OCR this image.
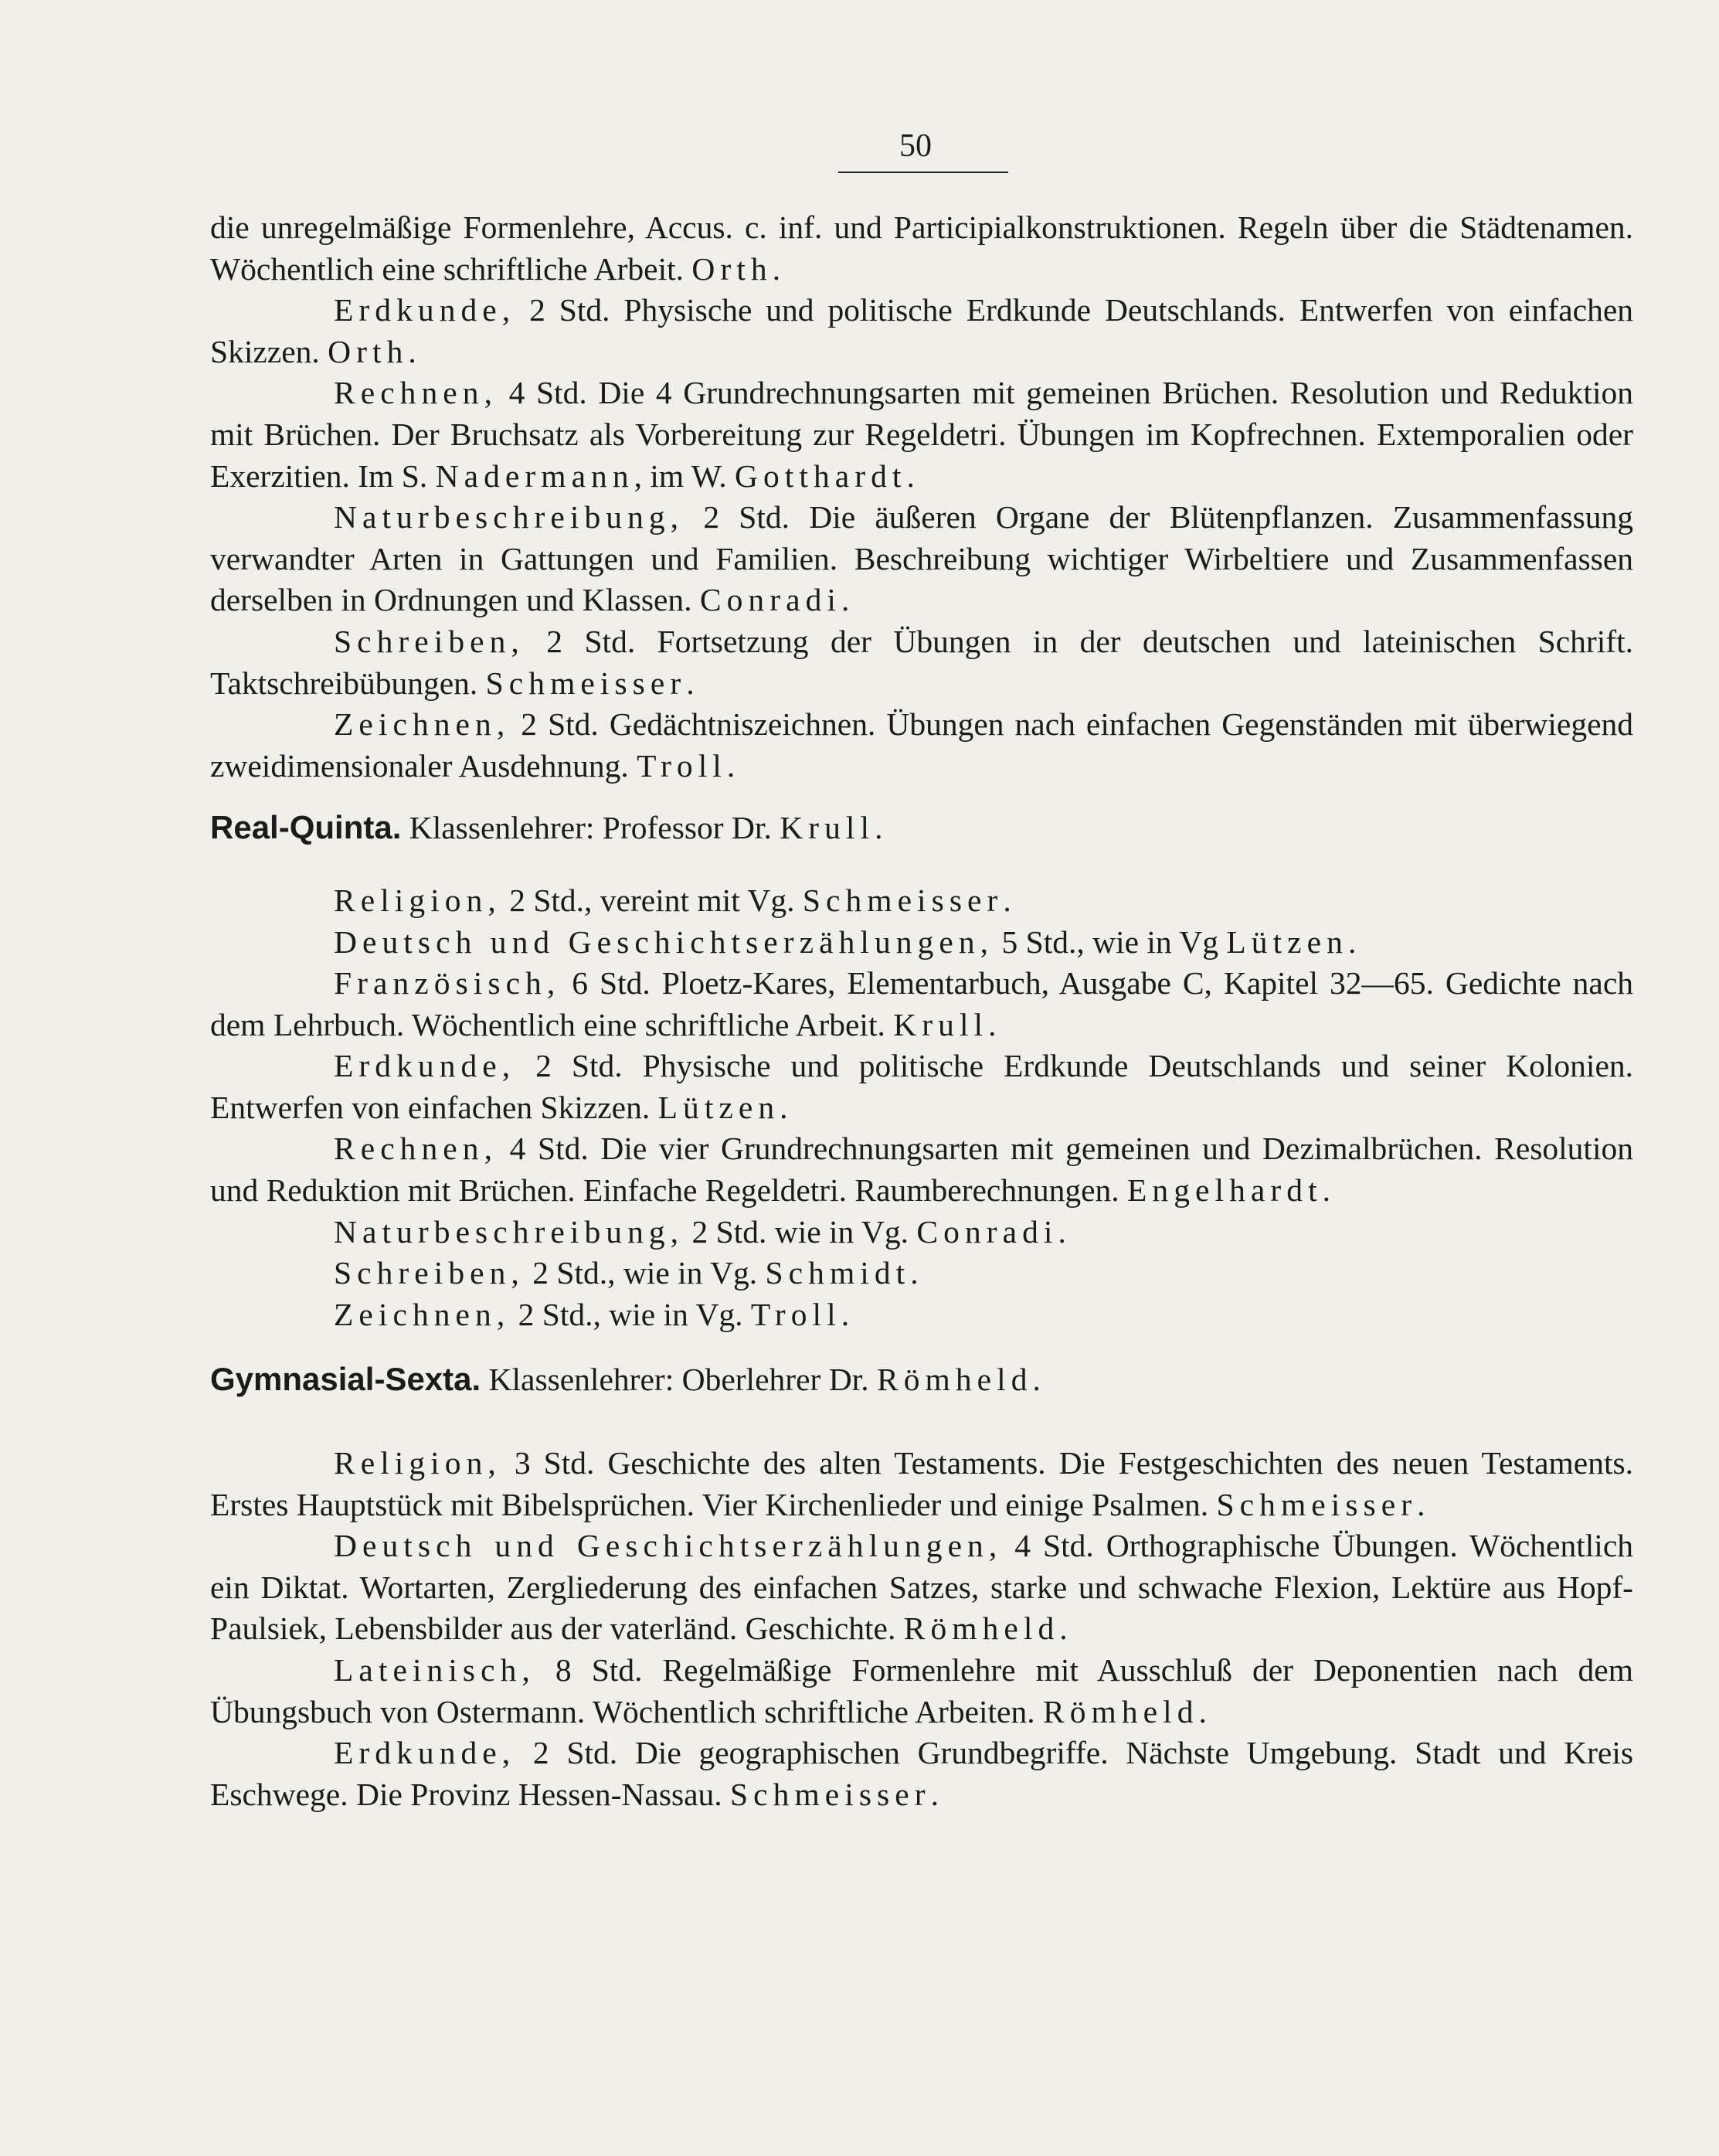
50

die unregelmäßige Formenlehre, Accus. c. inf. und Participialkonstruktionen. Regeln über die Städtenamen. Wöchentlich eine schriftliche Arbeit. Orth.

Erdkunde, 2 Std. Physische und politische Erdkunde Deutschlands. Entwerfen von einfachen Skizzen. Orth.

Rechnen, 4 Std. Die 4 Grundrechnungsarten mit gemeinen Brüchen. Resolution und Reduktion mit Brüchen. Der Bruchsatz als Vorbereitung zur Regeldetri. Übungen im Kopfrechnen. Extemporalien oder Exerzitien. Im S. Nadermann, im W. Gotthardt.

Naturbeschreibung, 2 Std. Die äußeren Organe der Blütenpflanzen. Zusammenfassung verwandter Arten in Gattungen und Familien. Beschreibung wichtiger Wirbeltiere und Zusammenfassen derselben in Ordnungen und Klassen. Conradi.

Schreiben, 2 Std. Fortsetzung der Übungen in der deutschen und lateinischen Schrift. Taktschreibübungen. Schmeisser.

Zeichnen, 2 Std. Gedächtniszeichnen. Übungen nach einfachen Gegenständen mit überwiegend zweidimensionaler Ausdehnung. Troll.

Real-Quinta. Klassenlehrer: Professor Dr. Krull.

Religion, 2 Std., vereint mit Vg. Schmeisser.

Deutsch und Geschichtserzählungen, 5 Std., wie in Vg Lützen.

Französisch, 6 Std. Ploetz-Kares, Elementarbuch, Ausgabe C, Kapitel 32—65. Gedichte nach dem Lehrbuch. Wöchentlich eine schriftliche Arbeit. Krull.

Erdkunde, 2 Std. Physische und politische Erdkunde Deutschlands und seiner Kolonien. Entwerfen von einfachen Skizzen. Lützen.

Rechnen, 4 Std. Die vier Grundrechnungsarten mit gemeinen und Dezimalbrüchen. Resolution und Reduktion mit Brüchen. Einfache Regeldetri. Raumberechnungen. Engelhardt.

Naturbeschreibung, 2 Std. wie in Vg. Conradi.

Schreiben, 2 Std., wie in Vg. Schmidt.

Zeichnen, 2 Std., wie in Vg. Troll.

Gymnasial-Sexta. Klassenlehrer: Oberlehrer Dr. Römheld.

Religion, 3 Std. Geschichte des alten Testaments. Die Festgeschichten des neuen Testaments. Erstes Hauptstück mit Bibelsprüchen. Vier Kirchenlieder und einige Psalmen. Schmeisser.

Deutsch und Geschichtserzählungen, 4 Std. Orthographische Übungen. Wöchentlich ein Diktat. Wortarten, Zergliederung des einfachen Satzes, starke und schwache Flexion, Lektüre aus Hopf-Paulsiek, Lebensbilder aus der vaterländ. Geschichte. Römheld.

Lateinisch, 8 Std. Regelmäßige Formenlehre mit Ausschluß der Deponentien nach dem Übungsbuch von Ostermann. Wöchentlich schriftliche Arbeiten. Römheld.

Erdkunde, 2 Std. Die geographischen Grundbegriffe. Nächste Umgebung. Stadt und Kreis Eschwege. Die Provinz Hessen-Nassau. Schmeisser.
